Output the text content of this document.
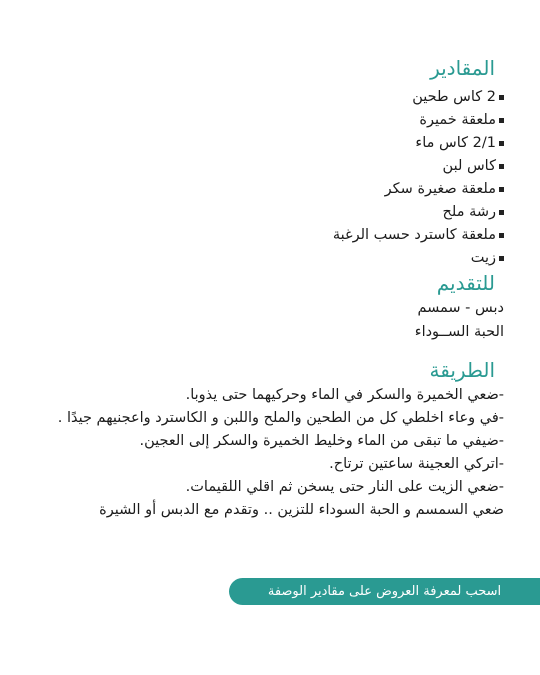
المقادير
2 كاس طحين
ملعقة خميرة
2/1 كاس ماء
كاس لبن
ملعقة صغيرة سكر
رشة ملح
ملعقة كاسترد حسب الرغبة
زيت
للتقديم
دبس - سمسم
الحبة الســوداء
الطريقة

-ضعي الخميرة والسكر في الماء وحركيهما حتى يذوبا.

-في وعاء اخلطي كل من الطحين والملح واللبن و الكاسترد واعجنيهم جيدًا .

-ضيفي ما تبقى من الماء وخليط الخميرة والسكر إلى العجين.

-اتركي العجينة ساعتين ترتاح.

-ضعي الزيت على النار حتى يسخن ثم اقلي اللقيمات.

ضعي السمسم و الحبة السوداء للتزين .. وتقدم مع الدبس أو الشيرة

اسحب لمعرفة العروض على مقادير الوصفة
